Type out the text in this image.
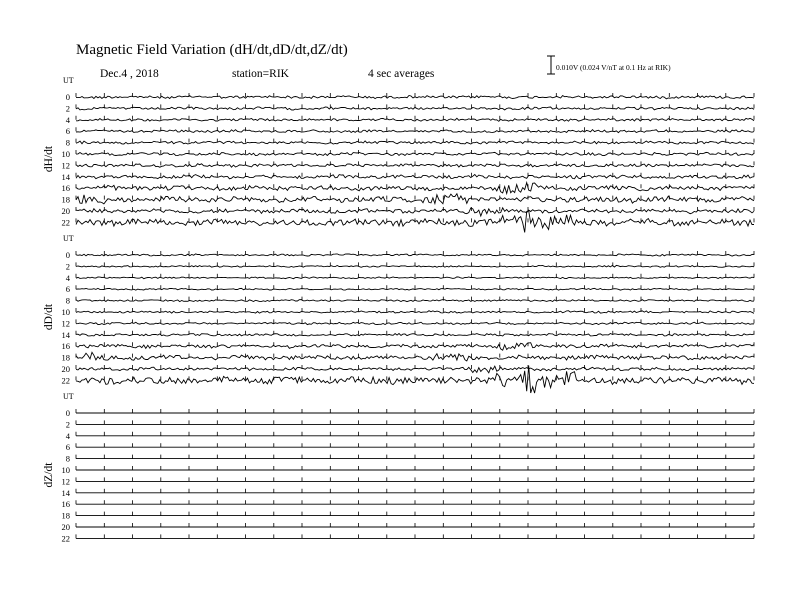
Magnetic Field Variation (dH/dt,dD/dt,dZ/dt)
Dec.4 , 2018	station=RIK	4 sec averages
0.010V (0.024 V/nT at 0.1 Hz at RIK)
UT
dH/dt
0
2
4
6
8
10
12
14
16
18
20
22
UT
dD/dt
0
2
4
6
8
10
12
14
16
18
20
22
UT
dZ/dt
0
2
4
6
8
10
12
14
16
18
20
22
